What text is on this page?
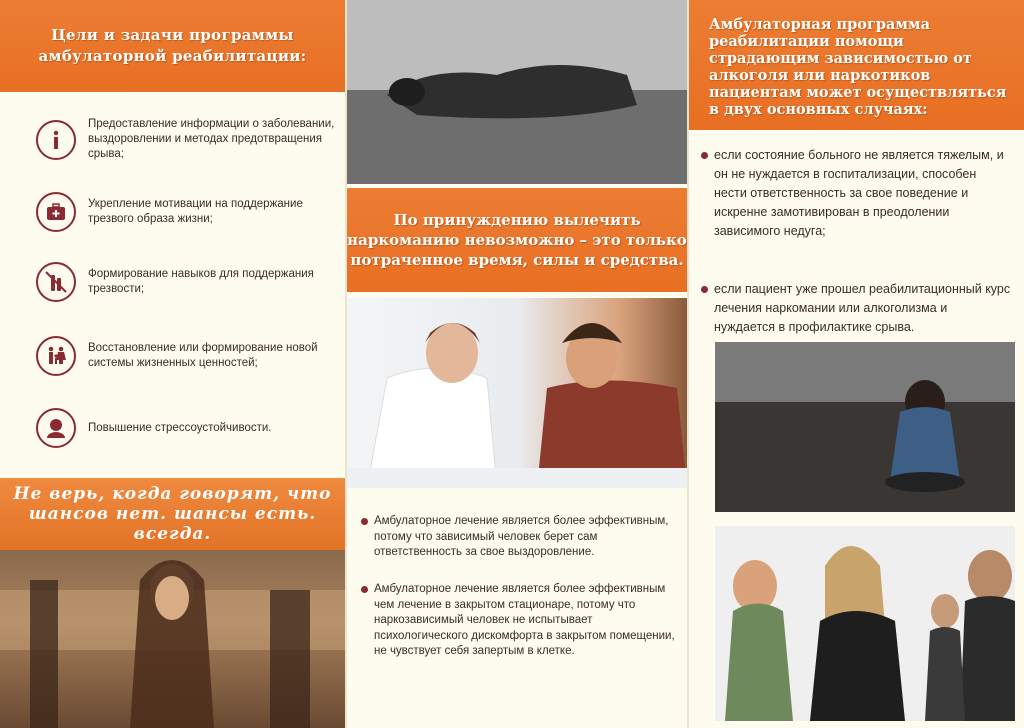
Цели и задачи программы амбулаторной реабилитации:
Предоставление информации о заболевании, выздоровлении и методах предотвращения срыва;
Укрепление мотивации на поддержание трезвого образа жизни;
Формирование навыков для поддержания трезвости;
Восстановление или формирование новой системы жизненных ценностей;
Повышение стрессоустойчивости.
Не верь, когда говорят, что шансов нет. шансы есть. всегда.
По принуждению вылечить наркоманию невозможно – это только потраченное время, силы и средства.
Амбулаторное лечение является более эффективным, потому что зависимый человек берет сам ответственность за свое выздоровление.
Амбулаторное лечение является более эффективным чем лечение в закрытом стационаре, потому что наркозависимый человек не испытывает психологического дискомфорта в закрытом помещении, не чувствует себя запертым в клетке.
Амбулаторная программа реабилитации помощи страдающим зависимостью от алкоголя или наркотиков пациентам может осуществляться в двух основных случаях:
если состояние больного не является тяжелым, и он не нуждается в госпитализации, способен нести ответственность за свое поведение и искренне замотивирован в преодолении зависимого недуга;
если пациент уже прошел реабилитационный курс лечения наркомании или алкоголизма и нуждается в профилактике срыва.
